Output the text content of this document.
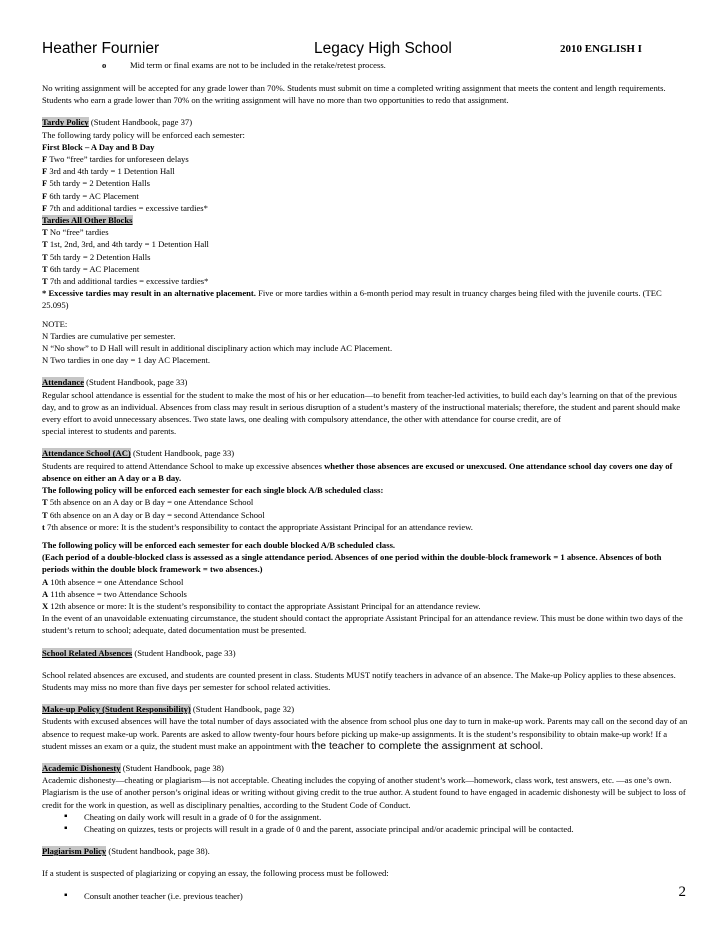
Heather Fournier	Legacy High School	2010 ENGLISH I
o	Mid term or final exams are not to be included in the retake/retest process.

No writing assignment will be accepted for any grade lower than 70%. Students must submit on time a completed writing assignment that meets the content and length requirements. Students who earn a grade lower than 70% on the writing assignment will have no more than two opportunities to redo that assignment.

Tardy Policy (Student Handbook, page 37)

The following tardy policy will be enforced each semester:

First Block – A Day and B Day

F Two “free” tardies for unforeseen delays

F 3rd and 4th tardy = 1 Detention Hall

F 5th tardy = 2 Detention Halls

F 6th tardy = AC Placement

F 7th and additional tardies = excessive tardies*

Tardies All Other Blocks

T No “free” tardies

T 1st, 2nd, 3rd, and 4th tardy = 1 Detention Hall

T 5th tardy = 2 Detention Halls

T 6th tardy = AC Placement

T 7th and additional tardies = excessive tardies*

* Excessive tardies may result in an alternative placement. Five or more tardies within a 6-month period may result in truancy charges being filed with the juvenile courts. (TEC 25.095)

NOTE:

N Tardies are cumulative per semester.

N “No show” to D Hall will result in additional disciplinary action which may include AC Placement.

N Two tardies in one day = 1 day AC Placement.

Attendance (Student Handbook, page 33)

Regular school attendance is essential for the student to make the most of his or her education—to benefit from teacher-led activities, to build each day’s learning on that of the previous day, and to grow as an individual. Absences from class may result in serious disruption of a student’s mastery of the instructional materials; therefore, the student and parent should make every effort to avoid unnecessary absences. Two state laws, one dealing with compulsory attendance, the other with attendance for course credit, are of

special interest to students and parents.

Attendance School (AC) (Student Handbook, page 33)

Students are required to attend Attendance School to make up excessive absences whether those absences are excused or unexcused. One attendance school day covers one day of absence on either an A day or a B day.

The following policy will be enforced each semester for each single block A/B scheduled class:

T 5th absence on an A day or B day = one Attendance School

T 6th absence on an A day or B day = second Attendance School

t 7th absence or more: It is the student’s responsibility to contact the appropriate Assistant Principal for an attendance review.

The following policy will be enforced each semester for each double blocked A/B scheduled class.

(Each period of a double-blocked class is assessed as a single attendance period. Absences of one period within the double-block framework = 1 absence. Absences of both periods within the double block framework = two absences.)

A 10th absence = one Attendance School

A 11th absence = two Attendance Schools

X 12th absence or more: It is the student’s responsibility to contact the appropriate Assistant Principal for an attendance review.

In the event of an unavoidable extenuating circumstance, the student should contact the appropriate Assistant Principal for an attendance review. This must be done within two days of the student’s return to school; adequate, dated documentation must be presented.

School Related Absences (Student Handbook, page 33)

School related absences are excused, and students are counted present in class. Students MUST notify teachers in advance of an absence. The Make-up Policy applies to these absences. Students may miss no more than five days per semester for school related activities.

Make-up Policy (Student Responsibility) (Student Handbook, page 32)

Students with excused absences will have the total number of days associated with the absence from school plus one day to turn in make-up work. Parents may call on the second day of an absence to request make-up work. Parents are asked to allow twenty-four hours before picking up make-up assignments. It is the student’s responsibility to obtain make-up work! If a student misses an exam or a quiz, the student must make an appointment with the teacher to complete the assignment at school.

Academic Dishonesty (Student Handbook, page 38)

Academic dishonesty—cheating or plagiarism—is not acceptable. Cheating includes the copying of another student’s work—homework, class work, test answers, etc. —as one’s own. Plagiarism is the use of another person’s original ideas or writing without giving credit to the true author. A student found to have engaged in academic dishonesty will be subject to loss of credit for the work in question, as well as disciplinary penalties, according to the Student Code of Conduct.

▪ Cheating on daily work will result in a grade of 0 for the assignment.
▪ Cheating on quizzes, tests or projects will result in a grade of 0 and the parent, associate principal and/or academic principal will be contacted.

Plagiarism Policy (Student handbook, page 38).

If a student is suspected of plagiarizing or copying an essay, the following process must be followed:

▪ Consult another teacher (i.e. previous teacher)	2
